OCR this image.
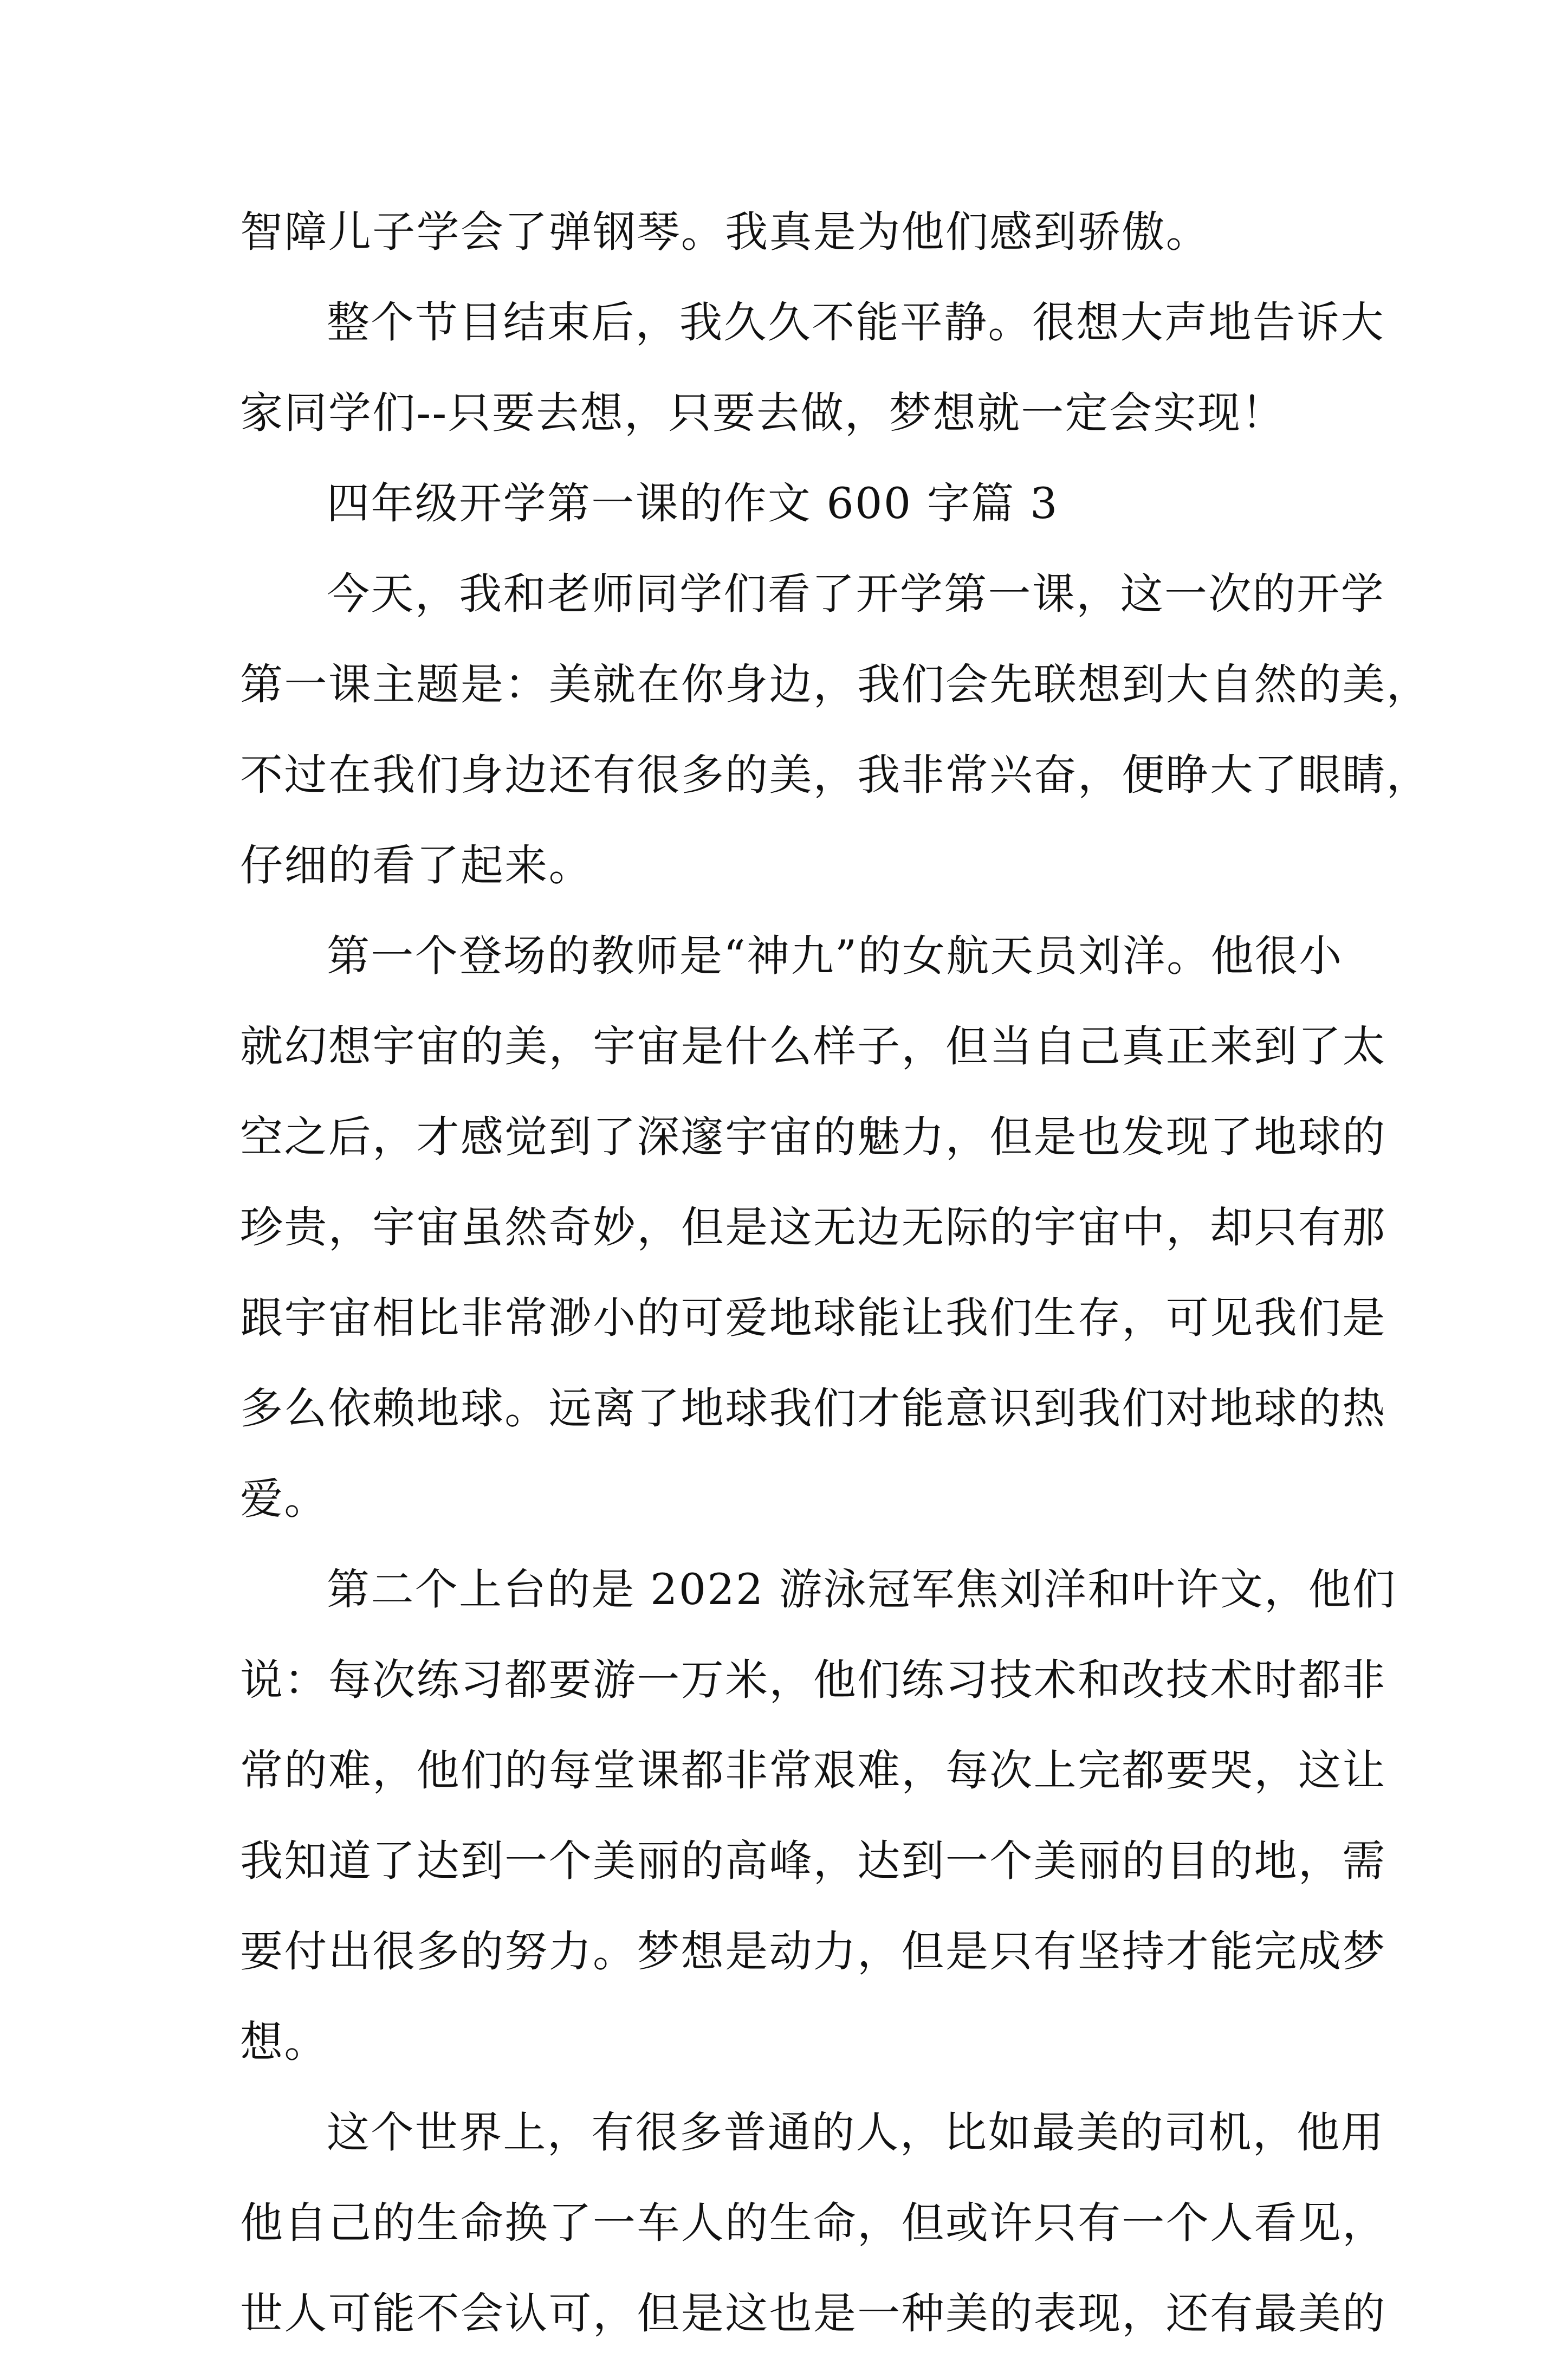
智障儿子学会了弹钢琴。我真是为他们感到骄傲。
整个节目结束后，我久久不能平静。很想大声地告诉大
家同学们--只要去想，只要去做，梦想就一定会实现！
四年级开学第一课的作文 600 字篇 3
今天，我和老师同学们看了开学第一课，这一次的开学
第一课主题是：美就在你身边，我们会先联想到大自然的美，
不过在我们身边还有很多的美，我非常兴奋，便睁大了眼睛，
仔细的看了起来。
第一个登场的教师是“神九”的女航天员刘洋。他很小
就幻想宇宙的美，宇宙是什么样子，但当自己真正来到了太
空之后，才感觉到了深邃宇宙的魅力，但是也发现了地球的
珍贵，宇宙虽然奇妙，但是这无边无际的宇宙中，却只有那
跟宇宙相比非常渺小的可爱地球能让我们生存，可见我们是
多么依赖地球。远离了地球我们才能意识到我们对地球的热
爱。
第二个上台的是 2022 游泳冠军焦刘洋和叶许文，他们
说：每次练习都要游一万米，他们练习技术和改技术时都非
常的难，他们的每堂课都非常艰难，每次上完都要哭，这让
我知道了达到一个美丽的高峰，达到一个美丽的目的地，需
要付出很多的努力。梦想是动力，但是只有坚持才能完成梦
想。
这个世界上，有很多普通的人，比如最美的司机，他用
他自己的生命换了一车人的生命，但或许只有一个人看见，
世人可能不会认可，但是这也是一种美的表现，还有最美的
